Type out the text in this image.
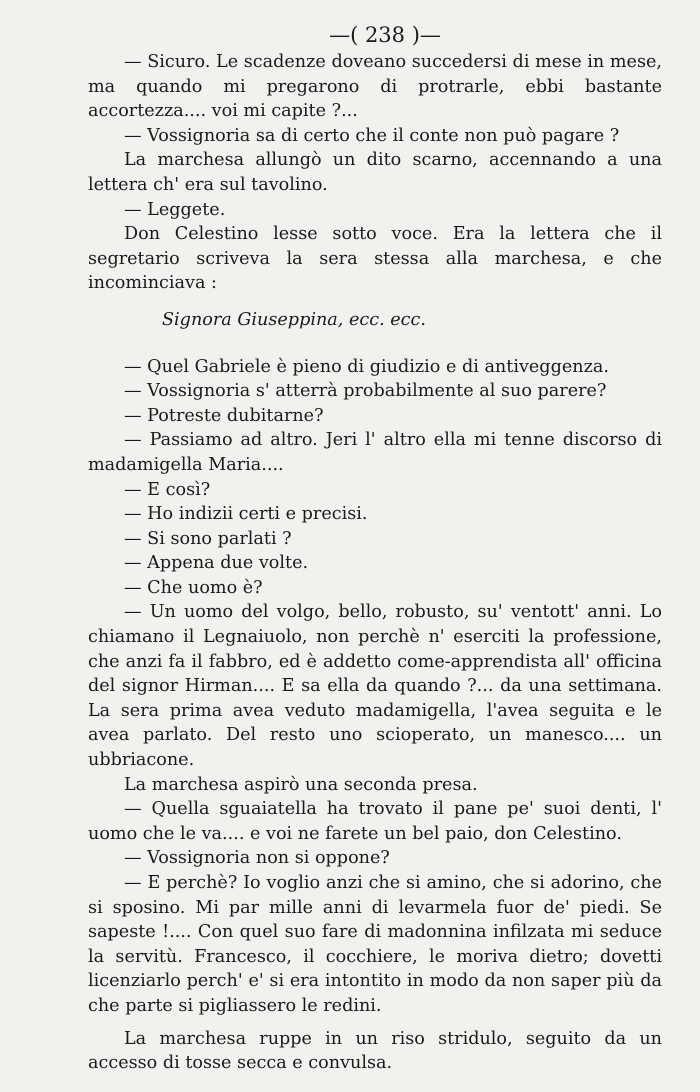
—( 238 )—

— Sicuro. Le scadenze doveano succedersi di mese in mese, ma quando mi pregarono di protrarle, ebbi bastante accortezza.... voi mi capite ?...

— Vossignoria sa di certo che il conte non può pagare ?

La marchesa allungò un dito scarno, accennando a una lettera ch' era sul tavolino.

— Leggete.

Don Celestino lesse sotto voce. Era la lettera che il segretario scriveva la sera stessa alla marchesa, e che incominciava :

Signora Giuseppina, ecc. ecc.

— Quel Gabriele è pieno di giudizio e di antiveggenza.

— Vossignoria s' atterrà probabilmente al suo parere?

— Potreste dubitarne?

— Passiamo ad altro. Jeri l' altro ella mi tenne discorso di madamigella Maria....

— E così?

— Ho indizii certi e precisi.

— Si sono parlati ?

— Appena due volte.

— Che uomo è?

— Un uomo del volgo, bello, robusto, su' ventott' anni. Lo chiamano il Legnaiuolo, non perchè n' eserciti la professione, che anzi fa il fabbro, ed è addetto come-apprendista all' officina del signor Hirman.... E sa ella da quando ?... da una settimana. La sera prima avea veduto madamigella, l'avea seguita e le avea parlato. Del resto uno scioperato, un manesco.... un ubbriacone.

La marchesa aspirò una seconda presa.

— Quella sguaiatella ha trovato il pane pe' suoi denti, l' uomo che le va.... e voi ne farete un bel paio, don Celestino.

— Vossignoria non si oppone?

— E perchè? Io voglio anzi che si amino, che si adorino, che si sposino. Mi par mille anni di levarmela fuor de' piedi. Se sapeste !.... Con quel suo fare di madonnina infilzata mi seduce la servitù. Francesco, il cocchiere, le moriva dietro; dovetti licenziarlo perch' e' si era intontito in modo da non saper più da che parte si pigliassero le redini.

La marchesa ruppe in un riso stridulo, seguito da un accesso di tosse secca e convulsa.
